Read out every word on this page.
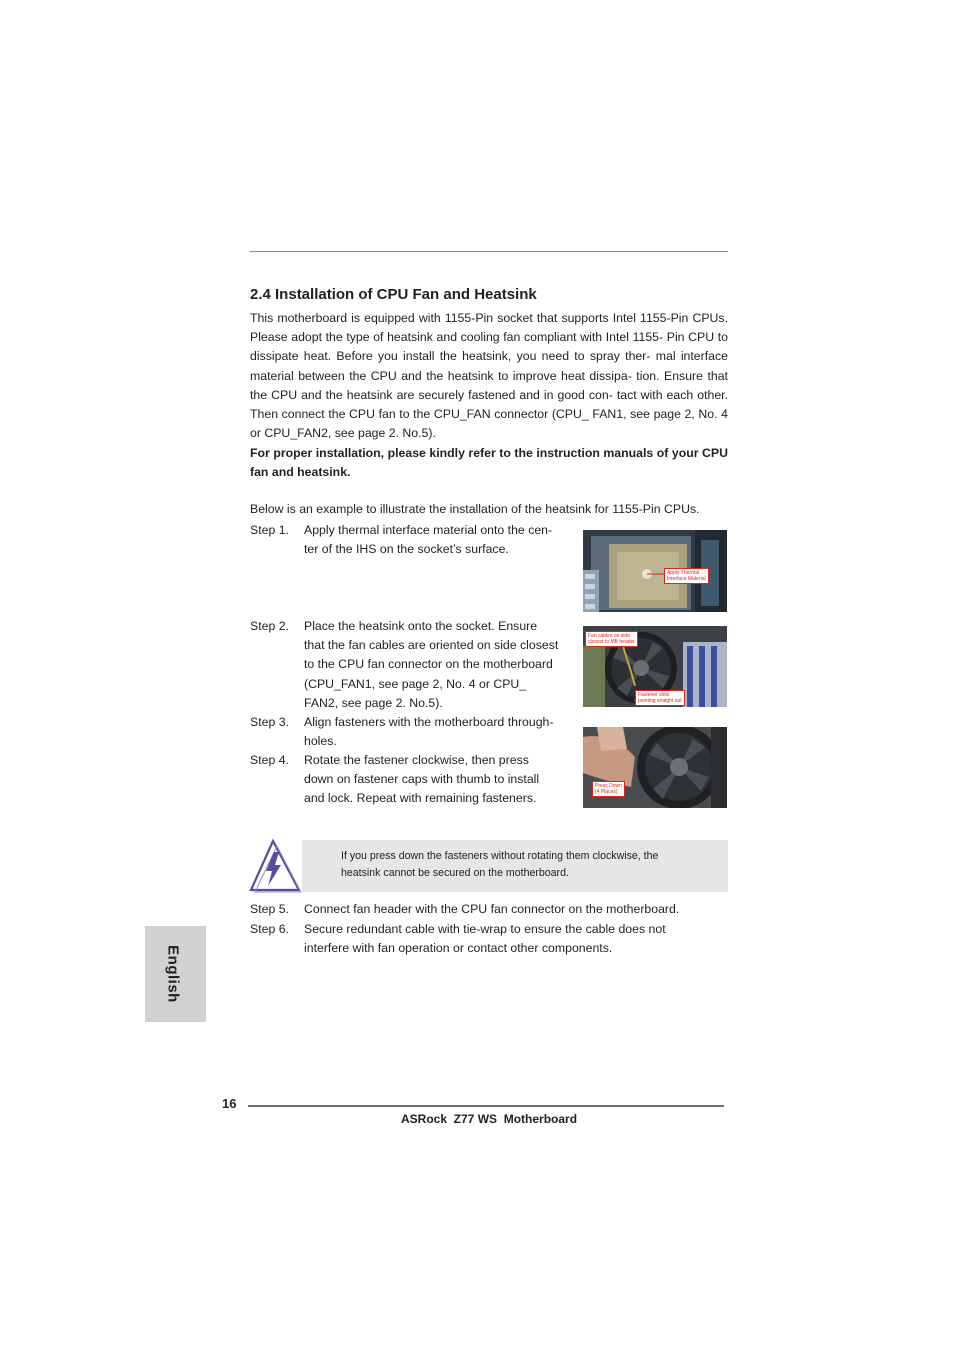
2.4 Installation of CPU Fan and Heatsink

This motherboard is equipped with 1155-Pin socket that supports Intel 1155-Pin CPUs. Please adopt the type of heatsink and cooling fan compliant with Intel 1155- Pin CPU to dissipate heat. Before you install the heatsink, you need to spray ther- mal interface material between the CPU and the heatsink to improve heat dissipa- tion. Ensure that the CPU and the heatsink are securely fastened and in good con- tact with each other. Then connect the CPU fan to the CPU_FAN connector (CPU_ FAN1, see page 2, No. 4 or CPU_FAN2, see page 2. No.5).

For proper installation, please kindly refer to the instruction manuals of your CPU fan and heatsink.

Below is an example to illustrate the installation of the heatsink for 1155-Pin CPUs.

Step 1.	Apply thermal interface material onto the cen-
ter of the IHS on the socket’s surface.
Step 2.	Place the heatsink onto the socket. Ensure
that the fan cables are oriented on side closest
to the CPU fan connector on the motherboard
(CPU_FAN1, see page 2, No. 4 or CPU_
FAN2, see page 2. No.5).
Step 3.	Align fasteners with the motherboard through-
holes.
Step 4.	Rotate the fastener clockwise, then press
down on fastener caps with thumb to install
and lock. Repeat with remaining fasteners.
Apply Thermal
Interface Material
Fan cables on side
closest to MB header
Fastener slots
pointing straight out
Press Down
(4 Places)

If you press down the fasteners without rotating them clockwise, the
heatsink cannot be secured on the motherboard.

Step 5.	Connect fan header with the CPU fan connector on the motherboard.
Step 6.	Secure redundant cable with tie-wrap to ensure the cable does not
interfere with fan operation or contact other components.
English
16
ASRock  Z77 WS  Motherboard
